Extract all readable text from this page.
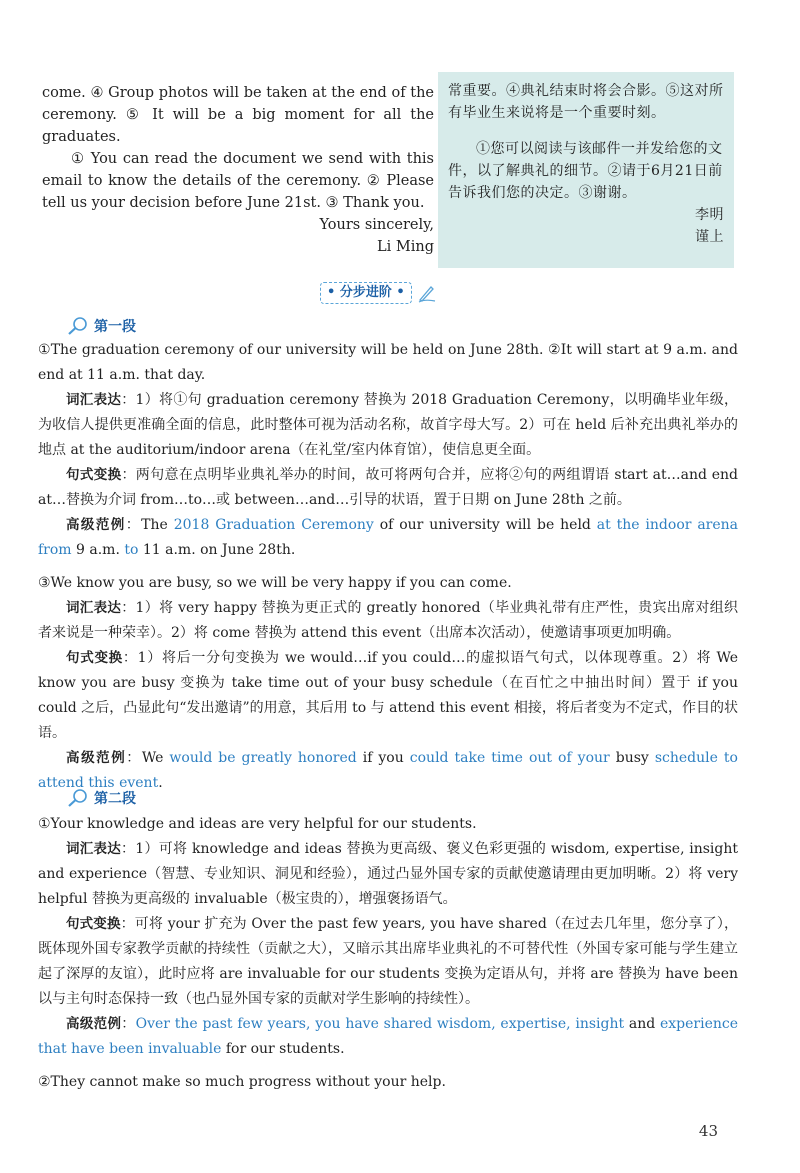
come. ④ Group photos will be taken at the end of the ceremony. ⑤ It will be a big moment for all the graduates.

① You can read the document we send with this email to know the details of the ceremony. ② Please tell us your decision before June 21st. ③ Thank you.

Yours sincerely,

Li Ming

常重要。④典礼结束时将会合影。⑤这对所有毕业生来说将是一个重要时刻。

①您可以阅读与该邮件一并发给您的文件，以了解典礼的细节。②请于6月21日前告诉我们您的决定。③谢谢。

李明

谨上

• 分步进阶 •
第一段

①The graduation ceremony of our university will be held on June 28th. ②It will start at 9 a.m. and end at 11 a.m. that day.

词汇表达：1）将①句 graduation ceremony 替换为 2018 Graduation Ceremony，以明确毕业年级，为收信人提供更准确全面的信息，此时整体可视为活动名称，故首字母大写。2）可在 held 后补充出典礼举办的地点 at the auditorium/indoor arena（在礼堂/室内体育馆），使信息更全面。

句式变换：两句意在点明毕业典礼举办的时间，故可将两句合并，应将②句的两组谓语 start at…and end at…替换为介词 from…to…或 between…and…引导的状语，置于日期 on June 28th 之前。

高级范例：The 2018 Graduation Ceremony of our university will be held at the indoor arena from 9 a.m. to 11 a.m. on June 28th.

③We know you are busy, so we will be very happy if you can come.

词汇表达：1）将 very happy 替换为更正式的 greatly honored（毕业典礼带有庄严性，贵宾出席对组织者来说是一种荣幸）。2）将 come 替换为 attend this event（出席本次活动），使邀请事项更加明确。

句式变换：1）将后一分句变换为 we would…if you could…的虚拟语气句式，以体现尊重。2）将 We know you are busy 变换为 take time out of your busy schedule（在百忙之中抽出时间）置于 if you could 之后，凸显此句“发出邀请”的用意，其后用 to 与 attend this event 相接，将后者变为不定式，作目的状语。

高级范例：We would be greatly honored if you could take time out of your busy schedule to attend this event.

第二段

①Your knowledge and ideas are very helpful for our students.

词汇表达：1）可将 knowledge and ideas 替换为更高级、褒义色彩更强的 wisdom, expertise, insight and experience（智慧、专业知识、洞见和经验），通过凸显外国专家的贡献使邀请理由更加明晰。2）将 very helpful 替换为更高级的 invaluable（极宝贵的），增强褒扬语气。

句式变换：可将 your 扩充为 Over the past few years, you have shared（在过去几年里，您分享了），既体现外国专家教学贡献的持续性（贡献之大），又暗示其出席毕业典礼的不可替代性（外国专家可能与学生建立起了深厚的友谊），此时应将 are invaluable for our students 变换为定语从句，并将 are 替换为 have been 以与主句时态保持一致（也凸显外国专家的贡献对学生影响的持续性）。

高级范例：Over the past few years, you have shared wisdom, expertise, insight and experience that have been invaluable for our students.

②They cannot make so much progress without your help.

43
